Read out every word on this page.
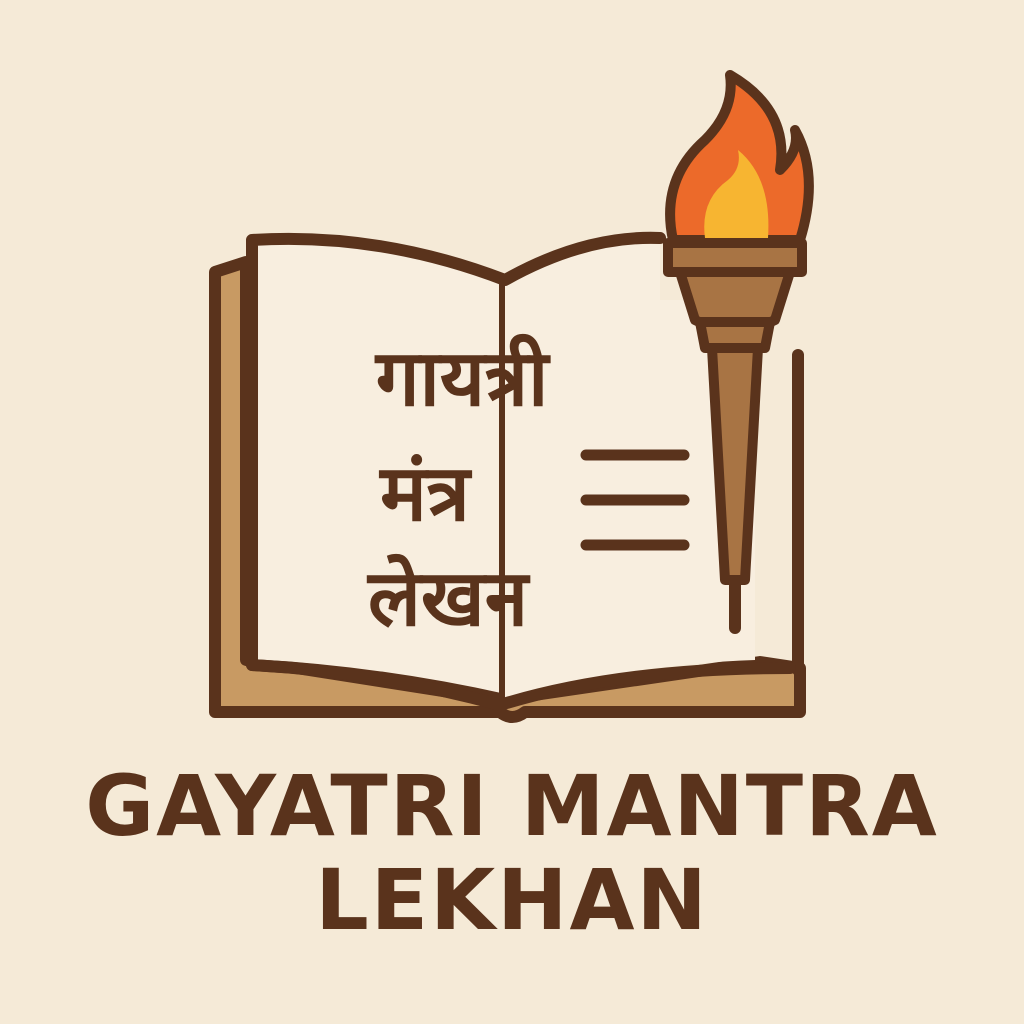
गायत्री
मंत्र
लेखन
GAYATRI MANTRA
LEKHAN
